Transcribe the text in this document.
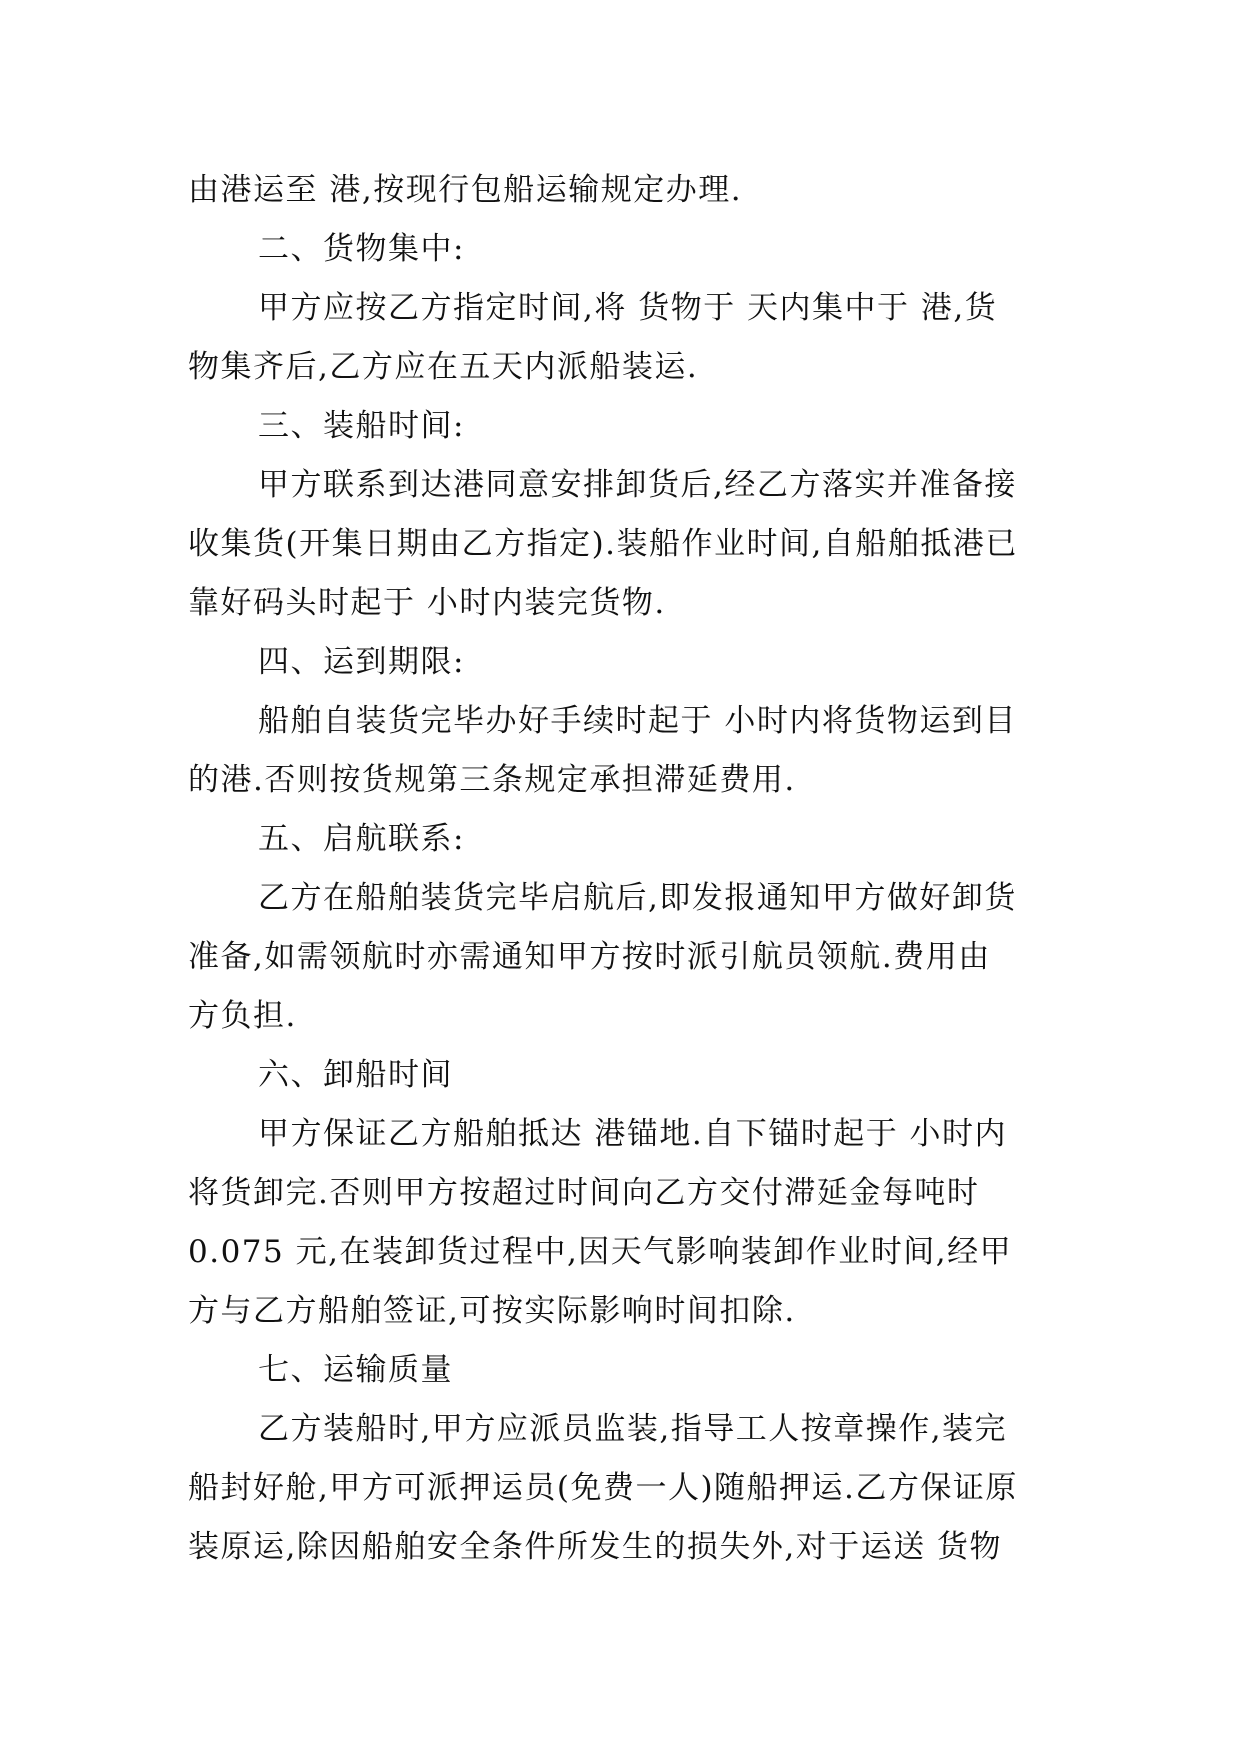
由港运至 港,按现行包船运输规定办理.
二、货物集中:
甲方应按乙方指定时间,将 货物于 天内集中于 港,货
物集齐后,乙方应在五天内派船装运.
三、装船时间:
甲方联系到达港同意安排卸货后,经乙方落实并准备接
收集货(开集日期由乙方指定).装船作业时间,自船舶抵港已
靠好码头时起于 小时内装完货物.
四、运到期限:
船舶自装货完毕办好手续时起于 小时内将货物运到目
的港.否则按货规第三条规定承担滞延费用.
五、启航联系:
乙方在船舶装货完毕启航后,即发报通知甲方做好卸货
准备,如需领航时亦需通知甲方按时派引航员领航.费用由
方负担.
六、卸船时间
甲方保证乙方船舶抵达 港锚地.自下锚时起于 小时内
将货卸完.否则甲方按超过时间向乙方交付滞延金每吨时
0.075 元,在装卸货过程中,因天气影响装卸作业时间,经甲
方与乙方船舶签证,可按实际影响时间扣除.
七、运输质量
乙方装船时,甲方应派员监装,指导工人按章操作,装完
船封好舱,甲方可派押运员(免费一人)随船押运.乙方保证原
装原运,除因船舶安全条件所发生的损失外,对于运送 货物
